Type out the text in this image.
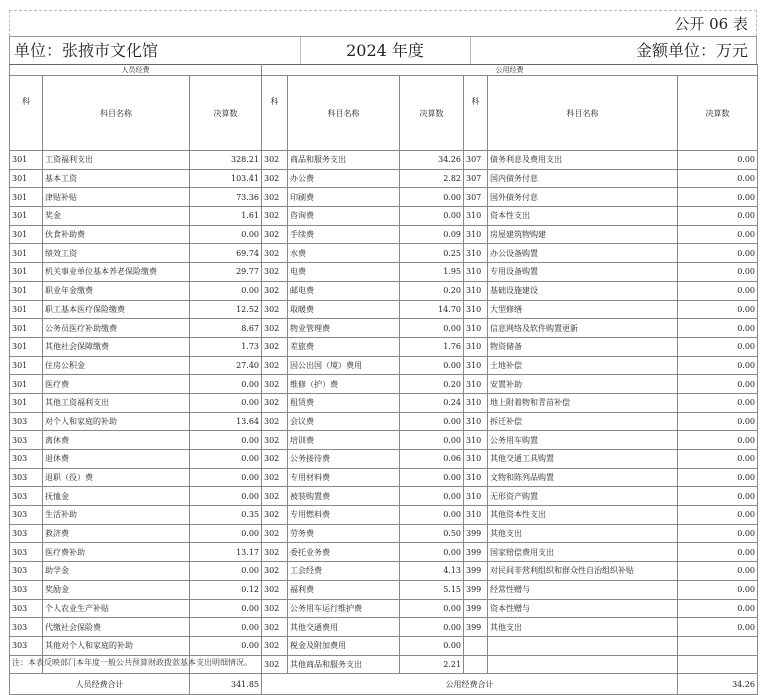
公开 06 表
单位：张掖市文化馆	2024 年度	金额单位：万元
人员经费			公用经费					
科	科目名称	决算数	科	科目名称	决算数	科	科目名称	决算数
301	工资福利支出	328.21	302	商品和服务支出	34.26	307	债务利息及费用支出	0.00
301	基本工资	103.41	302	办公费	2.82	307	国内债务付息	0.00
301	津贴补贴	73.36	302	印刷费	0.00	307	国外债务付息	0.00
301	奖金	1.61	302	咨询费	0.00	310	资本性支出	0.00
301	伙食补助费	0.00	302	手续费	0.09	310	房屋建筑物购建	0.00
301	绩效工资	69.74	302	水费	0.25	310	办公设备购置	0.00
301	机关事业单位基本养老保险缴费	29.77	302	电费	1.95	310	专用设备购置	0.00
301	职业年金缴费	0.00	302	邮电费	0.20	310	基础设施建设	0.00
301	职工基本医疗保险缴费	12.52	302	取暖费	14.70	310	大型修缮	0.00
301	公务员医疗补助缴费	8.67	302	物业管理费	0.00	310	信息网络及软件购置更新	0.00
301	其他社会保障缴费	1.73	302	差旅费	1.76	310	物资储备	0.00
301	住房公积金	27.40	302	因公出国（境）费用	0.00	310	土地补偿	0.00
301	医疗费	0.00	302	维修（护）费	0.20	310	安置补助	0.00
301	其他工资福利支出	0.00	302	租赁费	0.24	310	地上附着物和青苗补偿	0.00
303	对个人和家庭的补助	13.64	302	会议费	0.00	310	拆迁补偿	0.00
303	离休费	0.00	302	培训费	0.00	310	公务用车购置	0.00
303	退休费	0.00	302	公务接待费	0.06	310	其他交通工具购置	0.00
303	退职（役）费	0.00	302	专用材料费	0.00	310	文物和陈列品购置	0.00
303	抚恤金	0.00	302	被装购置费	0.00	310	无形资产购置	0.00
303	生活补助	0.35	302	专用燃料费	0.00	310	其他资本性支出	0.00
303	救济费	0.00	302	劳务费	0.50	399	其他支出	0.00
303	医疗费补助	13.17	302	委托业务费	0.00	399	国家赔偿费用支出	0.00
303	助学金	0.00	302	工会经费	4.13	399	对民间非营利组织和群众性自治组织补贴	0.00
303	奖励金	0.12	302	福利费	5.15	399	经常性赠与	0.00
303	个人农业生产补贴	0.00	302	公务用车运行维护费	0.00	399	资本性赠与	0.00
303	代缴社会保险费	0.00	302	其他交通费用	0.00	399	其他支出	0.00
303	其他对个人和家庭的补助	0.00	302	税金及附加费用	0.00			
			302	其他商品和服务支出	2.21			
人员经费合计		341.85	公用经费合计					34.26
注：本表反映部门本年度一般公共预算财政拨款基本支出明细情况。
